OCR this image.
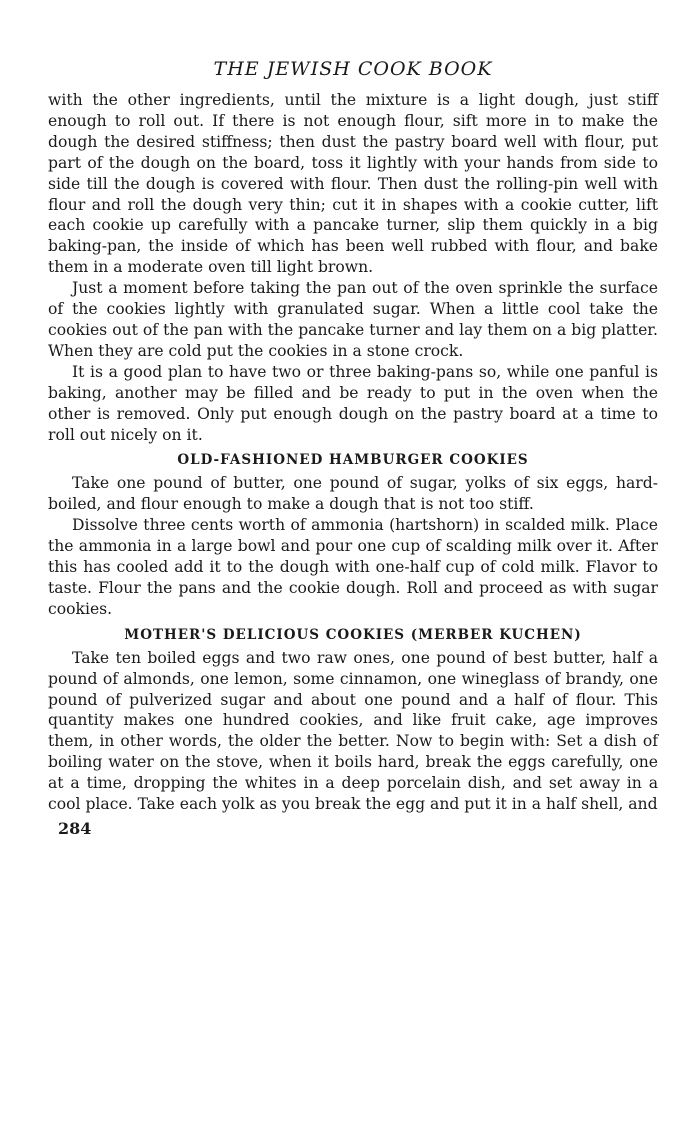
THE JEWISH COOK BOOK

with the other ingredients, until the mixture is a light dough, just stiff enough to roll out. If there is not enough flour, sift more in to make the dough the desired stiffness; then dust the pastry board well with flour, put part of the dough on the board, toss it lightly with your hands from side to side till the dough is covered with flour. Then dust the rolling-pin well with flour and roll the dough very thin; cut it in shapes with a cookie cutter, lift each cookie up carefully with a pancake turner, slip them quickly in a big baking-pan, the inside of which has been well rubbed with flour, and bake them in a moderate oven till light brown.

Just a moment before taking the pan out of the oven sprinkle the surface of the cookies lightly with granulated sugar. When a little cool take the cookies out of the pan with the pancake turner and lay them on a big platter. When they are cold put the cookies in a stone crock.

It is a good plan to have two or three baking-pans so, while one panful is baking, another may be filled and be ready to put in the oven when the other is removed. Only put enough dough on the pastry board at a time to roll out nicely on it.

OLD-FASHIONED HAMBURGER COOKIES

Take one pound of butter, one pound of sugar, yolks of six eggs, hard-boiled, and flour enough to make a dough that is not too stiff.

Dissolve three cents worth of ammonia (hartshorn) in scalded milk. Place the ammonia in a large bowl and pour one cup of scalding milk over it. After this has cooled add it to the dough with one-half cup of cold milk. Flavor to taste. Flour the pans and the cookie dough. Roll and proceed as with sugar cookies.

MOTHER'S DELICIOUS COOKIES (MERBER KUCHEN)

Take ten boiled eggs and two raw ones, one pound of best butter, half a pound of almonds, one lemon, some cinnamon, one wineglass of brandy, one pound of pulverized sugar and about one pound and a half of flour. This quantity makes one hundred cookies, and like fruit cake, age improves them, in other words, the older the better. Now to begin with: Set a dish of boiling water on the stove, when it boils hard, break the eggs carefully, one at a time, dropping the whites in a deep porcelain dish, and set away in a cool place. Take each yolk as you break the egg and put it in a half shell, and

284
